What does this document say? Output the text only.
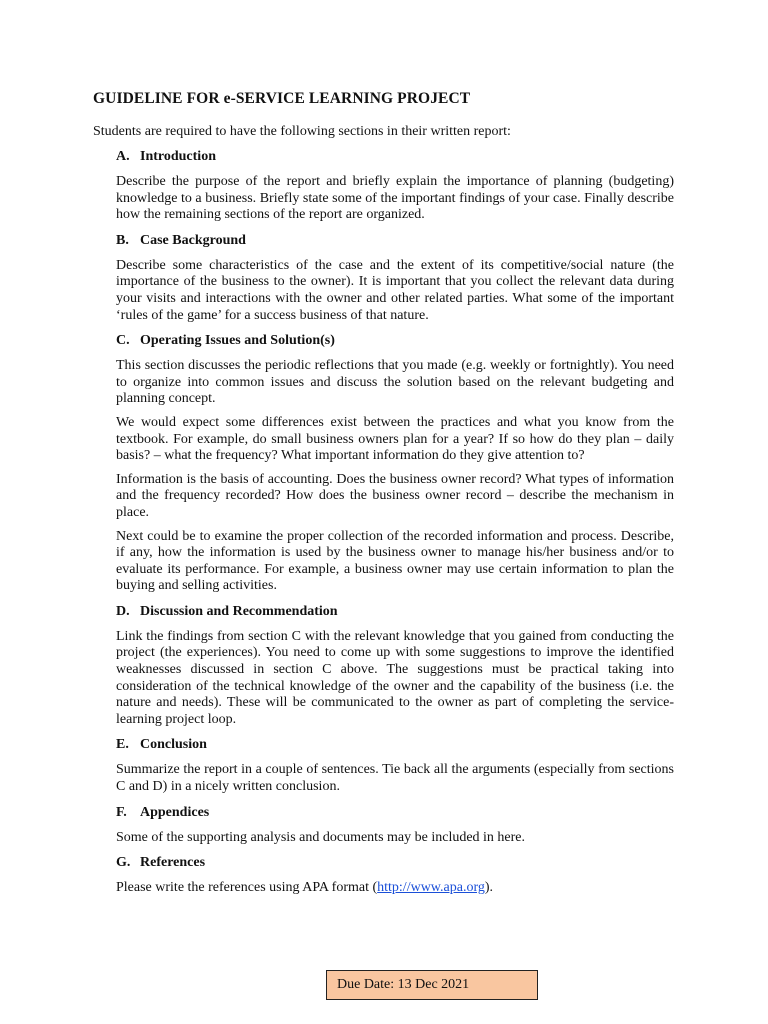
GUIDELINE FOR e-SERVICE LEARNING PROJECT
Students are required to have the following sections in their written report:
A. Introduction

Describe the purpose of the report and briefly explain the importance of planning (budgeting) knowledge to a business. Briefly state some of the important findings of your case. Finally describe how the remaining sections of the report are organized.

B. Case Background

Describe some characteristics of the case and the extent of its competitive/social nature (the importance of the business to the owner). It is important that you collect the relevant data during your visits and interactions with the owner and other related parties. What some of the important ‘rules of the game’ for a success business of that nature.

C. Operating Issues and Solution(s)

This section discusses the periodic reflections that you made (e.g. weekly or fortnightly). You need to organize into common issues and discuss the solution based on the relevant budgeting and planning concept.

We would expect some differences exist between the practices and what you know from the textbook. For example, do small business owners plan for a year? If so how do they plan – daily basis? – what the frequency? What important information do they give attention to?

Information is the basis of accounting. Does the business owner record? What types of information and the frequency recorded? How does the business owner record – describe the mechanism in place.

Next could be to examine the proper collection of the recorded information and process. Describe, if any, how the information is used by the business owner to manage his/her business and/or to evaluate its performance. For example, a business owner may use certain information to plan the buying and selling activities.

D. Discussion and Recommendation

Link the findings from section C with the relevant knowledge that you gained from conducting the project (the experiences). You need to come up with some suggestions to improve the identified weaknesses discussed in section C above. The suggestions must be practical taking into consideration of the technical knowledge of the owner and the capability of the business (i.e. the nature and needs). These will be communicated to the owner as part of completing the service-learning project loop.

E. Conclusion

Summarize the report in a couple of sentences. Tie back all the arguments (especially from sections C and D) in a nicely written conclusion.

F. Appendices

Some of the supporting analysis and documents may be included in here.

G. References

Please write the references using APA format (http://www.apa.org).

Due Date: 13 Dec 2021
